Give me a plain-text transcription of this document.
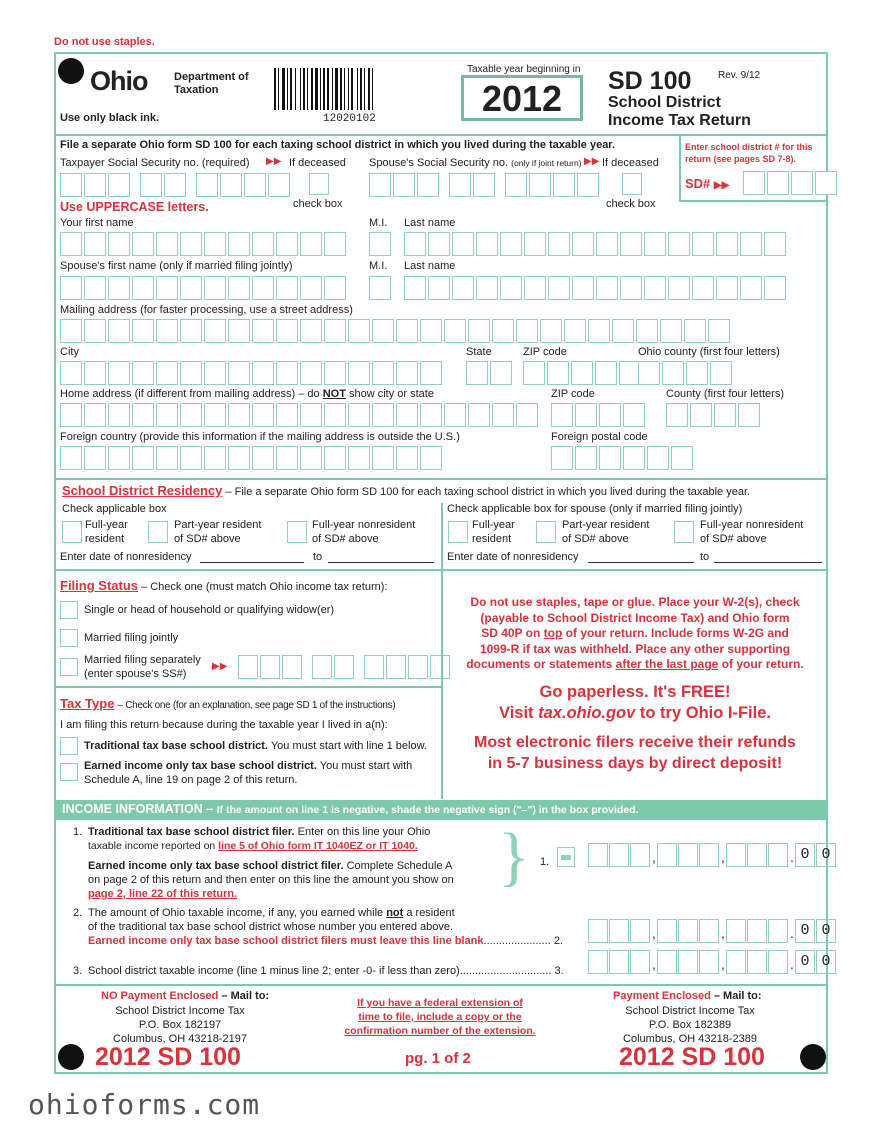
Do not use staples.
Ohio Department of
Taxation
Use only black ink.	12020102
Taxable year beginning in
2012	SD 100	Rev. 9/12
School District
Income Tax Return
File a separate Ohio form SD 100 for each taxing school district in which you lived during the taxable year.
Taxpayer Social Security no. (required) ▶▶ If deceased
check box
Spouse's Social Security no. (only if joint return) ▶▶ If deceased
check box
Enter school district # for this
return (see pages SD 7-8).
SD# ▶▶
Use UPPERCASE letters.
Your first name	M.I. Last name
Spouse's first name (only if married filing jointly)	M.I. Last name
Mailing address (for faster processing, use a street address)
City	State	ZIP code	Ohio county (first four letters)
Home address (if different from mailing address) – do NOT show city or state	ZIP code	County (first four letters)
Foreign country (provide this information if the mailing address is outside the U.S.)	Foreign postal code
School District Residency – File a separate Ohio form SD 100 for each taxing school district in which you lived during the taxable year.
Check applicable box	Check applicable box for spouse (only if married filing jointly)
Full-year
resident
Part-year resident
of SD# above
Full-year nonresident
of SD# above
Enter date of nonresidency	to
Full-year
resident
Part-year resident
of SD# above
Full-year nonresident
of SD# above
Enter date of nonresidency	to
Filing Status – Check one (must match Ohio income tax return):
Single or head of household or qualifying widow(er)
Married filing jointly
Married filing separately
(enter spouse's SS#)
▶▶
Tax Type – Check one (for an explanation, see page SD 1 of the instructions)
I am filing this return because during the taxable year I lived in a(n):
Traditional tax base school district. You must start with line 1 below.
Earned income only tax base school district. You must start with
Schedule A, line 19 on page 2 of this return.
Do not use staples, tape or glue. Place your W-2(s), check
(payable to School District Income Tax) and Ohio form
SD 40P on top of your return. Include forms W-2G and
1099-R if tax was withheld. Place any other supporting
documents or statements after the last page of your return.
Go paperless. It's FREE!
Visit tax.ohio.gov to try Ohio I-File.
Most electronic filers receive their refunds
in 5-7 business days by direct deposit!
INCOME INFORMATION – If the amount on line 1 is negative, shade the negative sign ("–") in the box provided.
1. Traditional tax base school district filer. Enter on this line your Ohio
taxable income reported on line 5 of Ohio form IT 1040EZ or IT 1040.
Earned income only tax base school district filer. Complete Schedule A
on page 2 of this return and then enter on this line the amount you show on
page 2, line 22 of this return.
} 1.	,	,	. 0 0
2. The amount of Ohio taxable income, if any, you earned while not a resident
of the traditional tax base school district whose number you entered above.
Earned income only tax base school district filers must leave this line blank...................... 2.	,	,	. 0 0
3. School district taxable income (line 1 minus line 2; enter -0- if less than zero).............................. 3.	,	,	. 0 0
NO Payment Enclosed – Mail to:
School District Income Tax
P.O. Box 182197
Columbus, OH 43218-2197
If you have a federal extension of
time to file, include a copy or the
confirmation number of the extension.
Payment Enclosed – Mail to:
School District Income Tax
P.O. Box 182389
Columbus, OH 43218-2389
2012 SD 100	pg. 1 of 2	2012 SD 100
ohioforms.com
